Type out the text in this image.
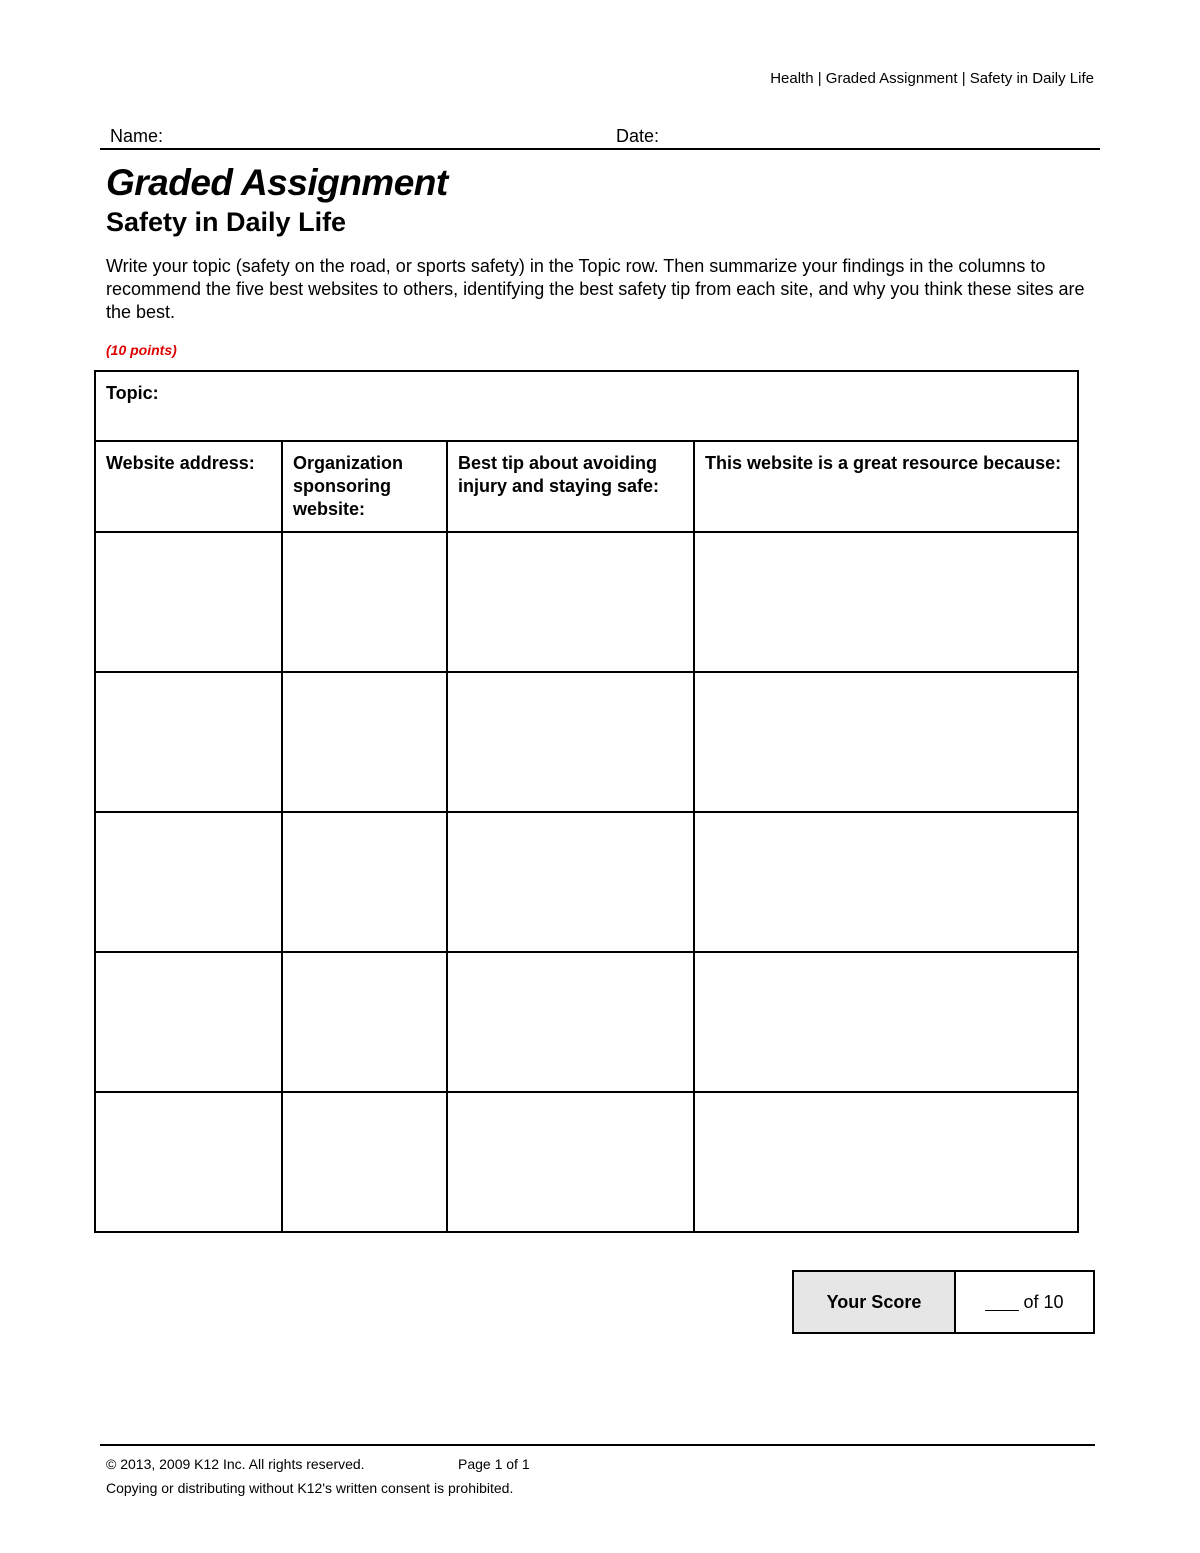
Health | Graded Assignment | Safety in Daily Life
Name:	Date:
Graded Assignment
Safety in Daily Life
Write your topic (safety on the road, or sports safety) in the Topic row. Then summarize your findings in the columns to recommend the five best websites to others, identifying the best safety tip from each site, and why you think these sites are the best.
(10 points)
Topic:			
Website address:	Organization sponsoring website:	Best tip about avoiding injury and staying safe:	This website is a great resource because:

Your Score	of 10
© 2013, 2009 K12 Inc. All rights reserved.	Page 1 of 1
Copying or distributing without K12's written consent is prohibited.
